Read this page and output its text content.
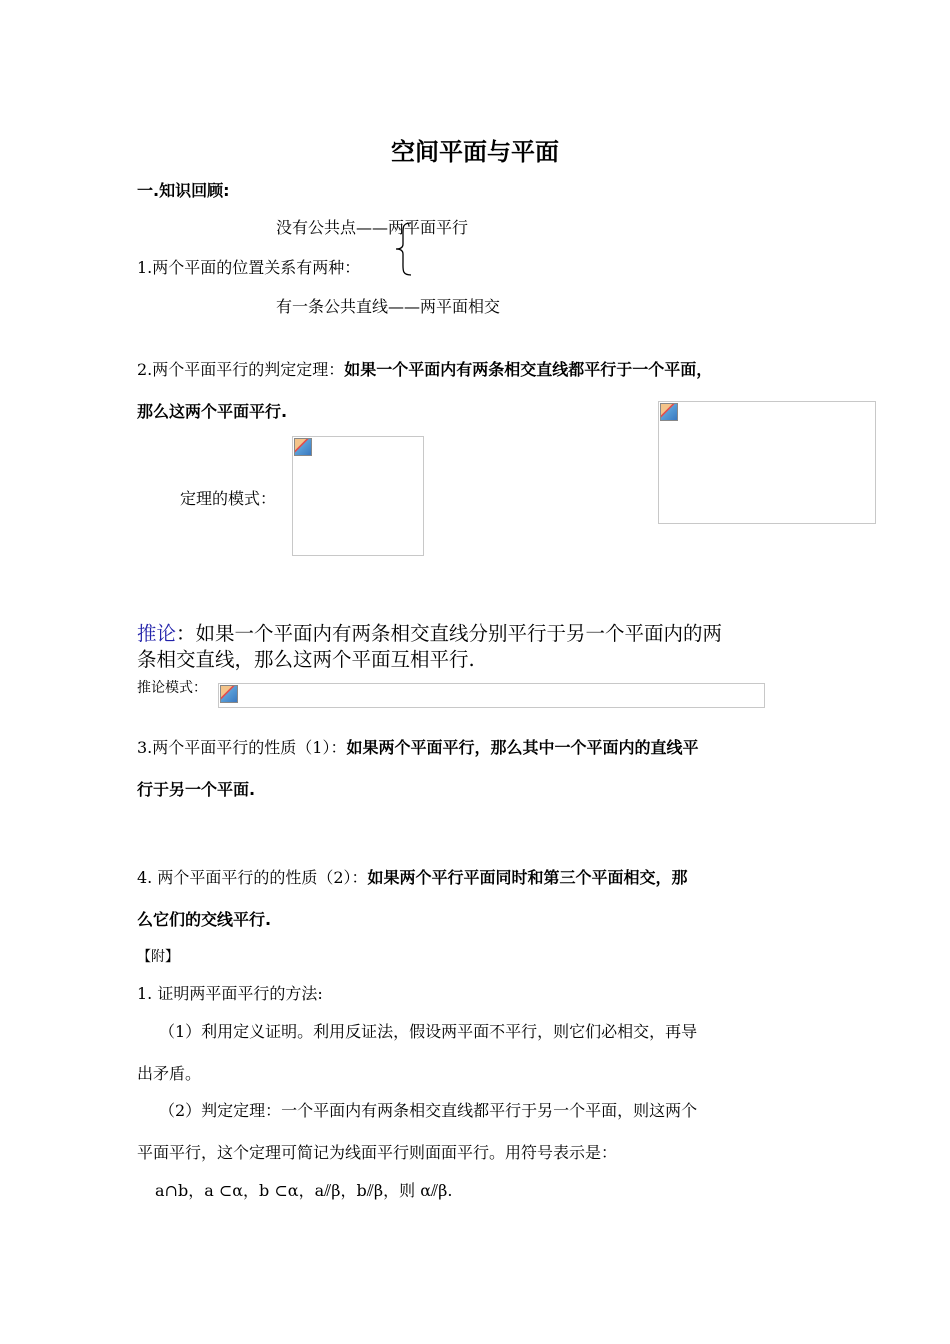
空间平面与平面
一.知识回顾:
没有公共点——两平面平行
1.两个平面的位置关系有两种：
有一条公共直线——两平面相交
2.两个平面平行的判定定理：如果一个平面内有两条相交直线都平行于一个平面，
那么这两个平面平行.
定理的模式：
推论：如果一个平面内有两条相交直线分别平行于另一个平面内的两
条相交直线，那么这两个平面互相平行.
推论模式：
3.两个平面平行的性质（1）：如果两个平面平行，那么其中一个平面内的直线平
行于另一个平面.
4. 两个平面平行的的性质（2）：如果两个平行平面同时和第三个平面相交，那
么它们的交线平行.
【附】
1. 证明两平面平行的方法:
（1）利用定义证明。利用反证法，假设两平面不平行，则它们必相交，再导
出矛盾。
（2）判定定理：一个平面内有两条相交直线都平行于另一个平面，则这两个
平面平行，这个定理可简记为线面平行则面面平行。用符号表示是：
a∩b，a ⊂α，b ⊂α，a⫽β，b⫽β，则 α⫽β.
